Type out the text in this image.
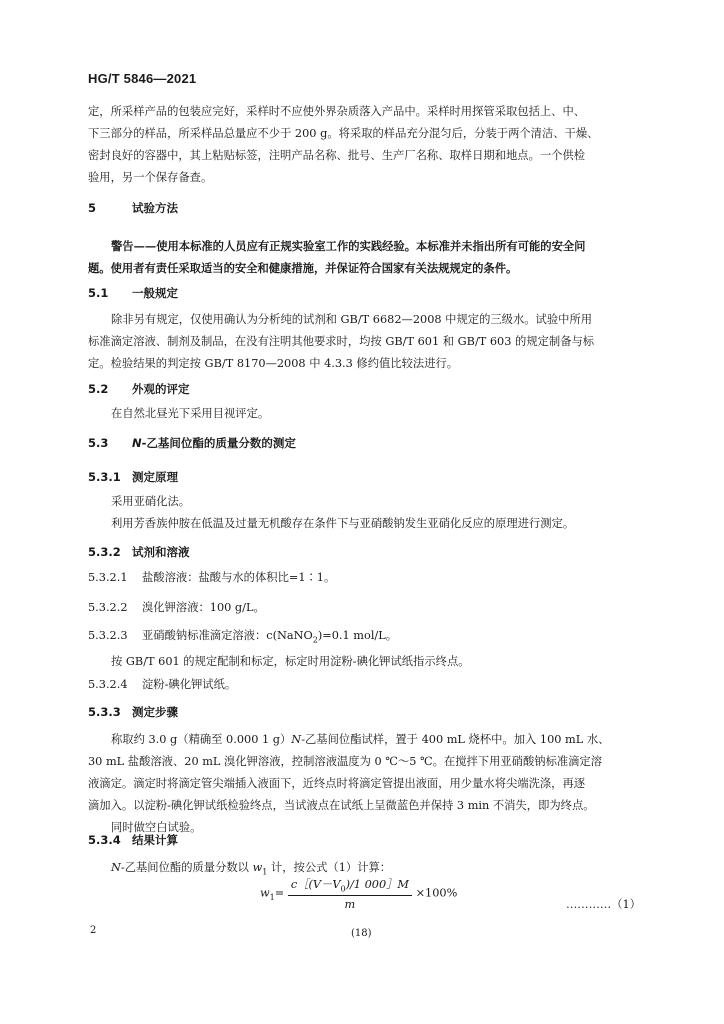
HG/T 5846—2021
定，所采样产品的包装应完好，采样时不应使外界杂质落入产品中。采样时用探管采取包括上、中、
下三部分的样品，所采样品总量应不少于 200 g。将采取的样品充分混匀后，分装于两个清洁、干燥、
密封良好的容器中，其上粘贴标签，注明产品名称、批号、生产厂名称、取样日期和地点。一个供检
验用，另一个保存备查。
5	试验方法
警告——使用本标准的人员应有正规实验室工作的实践经验。本标准并未指出所有可能的安全问
题。使用者有责任采取适当的安全和健康措施，并保证符合国家有关法规规定的条件。
5.1 一般规定
除非另有规定，仅使用确认为分析纯的试剂和 GB/T 6682—2008 中规定的三级水。试验中所用
标准滴定溶液、制剂及制品，在没有注明其他要求时，均按 GB/T 601 和 GB/T 603 的规定制备与标
定。检验结果的判定按 GB/T 8170—2008 中 4.3.3 修约值比较法进行。
5.2 外观的评定
在自然北昼光下采用目视评定。
5.3 N-乙基间位酯的质量分数的测定
5.3.1 测定原理
采用亚硝化法。
利用芳香族仲胺在低温及过量无机酸存在条件下与亚硝酸钠发生亚硝化反应的原理进行测定。
5.3.2 试剂和溶液
5.3.2.1 盐酸溶液：盐酸与水的体积比=1∶1。
5.3.2.2 溴化钾溶液：100 g/L。
5.3.2.3 亚硝酸钠标准滴定溶液：c(NaNO$_2$)=0.1 mol/L。
按 GB/T 601 的规定配制和标定，标定时用淀粉-碘化钾试纸指示终点。
5.3.2.4 淀粉-碘化钾试纸。
5.3.3 测定步骤
称取约 3.0 g（精确至 0.000 1 g）N-乙基间位酯试样，置于 400 mL 烧杯中。加入 100 mL 水、
30 mL 盐酸溶液、20 mL 溴化钾溶液，控制溶液温度为 0 ℃～5 ℃。在搅拌下用亚硝酸钠标准滴定溶
液滴定。滴定时将滴定管尖端插入液面下，近终点时将滴定管提出液面，用少量水将尖端洗涤，再逐
滴加入。以淀粉-碘化钾试纸检验终点，当试液点在试纸上呈微蓝色并保持 3 min 不消失，即为终点。
同时做空白试验。
5.3.4 结果计算
N-乙基间位酯的质量分数以 $w_1$ 计，按公式（1）计算：
$w_1= \frac{c[(V-V_0)/1 000]M}{m} \times 100\%$
…………（1）
2	(18)
